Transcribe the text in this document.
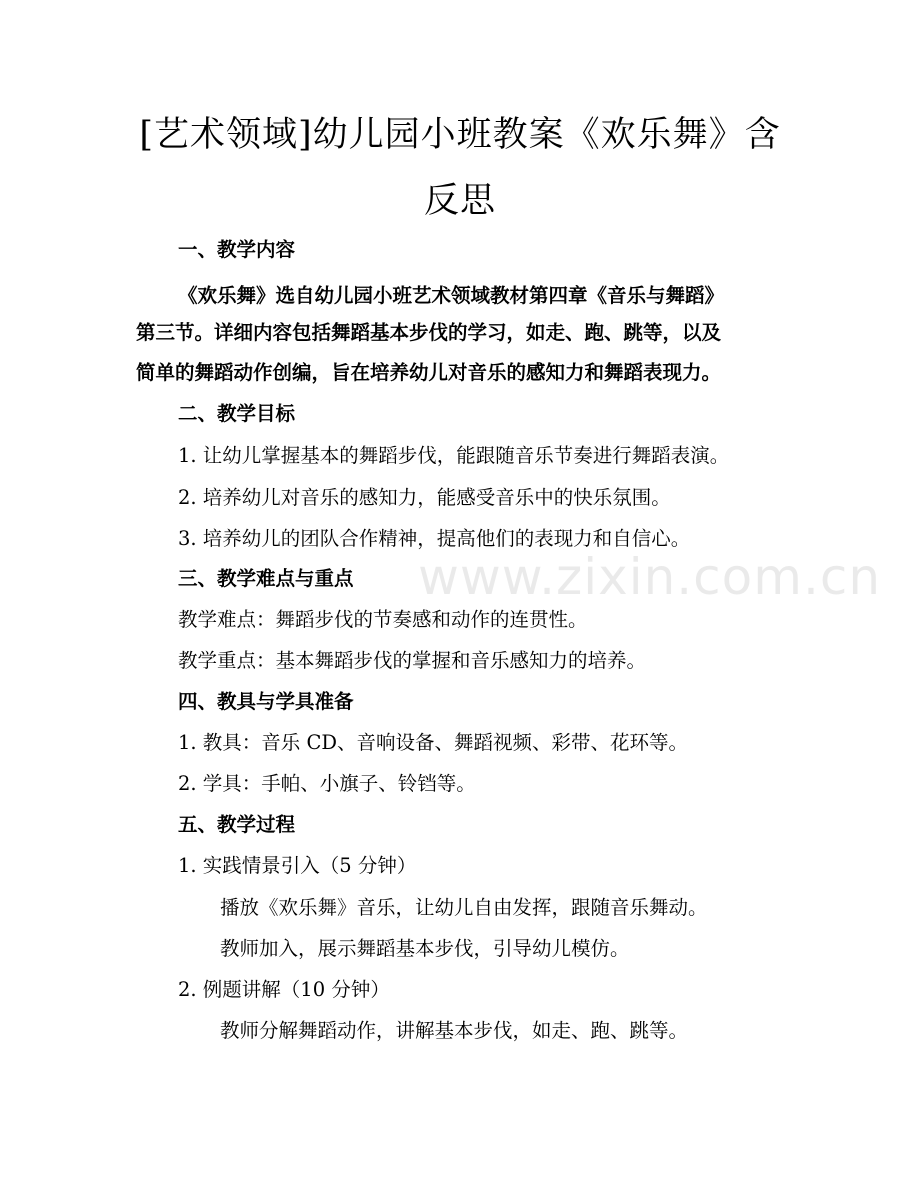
[艺术领域]幼儿园小班教案《欢乐舞》含反思
www.zixin.com.cn
一、教学内容
《欢乐舞》选自幼儿园小班艺术领域教材第四章《音乐与舞蹈》
第三节。详细内容包括舞蹈基本步伐的学习，如走、跑、跳等，以及
简单的舞蹈动作创编，旨在培养幼儿对音乐的感知力和舞蹈表现力。
二、教学目标
1. 让幼儿掌握基本的舞蹈步伐，能跟随音乐节奏进行舞蹈表演。
2. 培养幼儿对音乐的感知力，能感受音乐中的快乐氛围。
3. 培养幼儿的团队合作精神，提高他们的表现力和自信心。
三、教学难点与重点
教学难点：舞蹈步伐的节奏感和动作的连贯性。
教学重点：基本舞蹈步伐的掌握和音乐感知力的培养。
四、教具与学具准备
1. 教具：音乐 CD、音响设备、舞蹈视频、彩带、花环等。
2. 学具：手帕、小旗子、铃铛等。
五、教学过程
1. 实践情景引入（5 分钟）
播放《欢乐舞》音乐，让幼儿自由发挥，跟随音乐舞动。
教师加入，展示舞蹈基本步伐，引导幼儿模仿。
2. 例题讲解（10 分钟）
教师分解舞蹈动作，讲解基本步伐，如走、跑、跳等。
